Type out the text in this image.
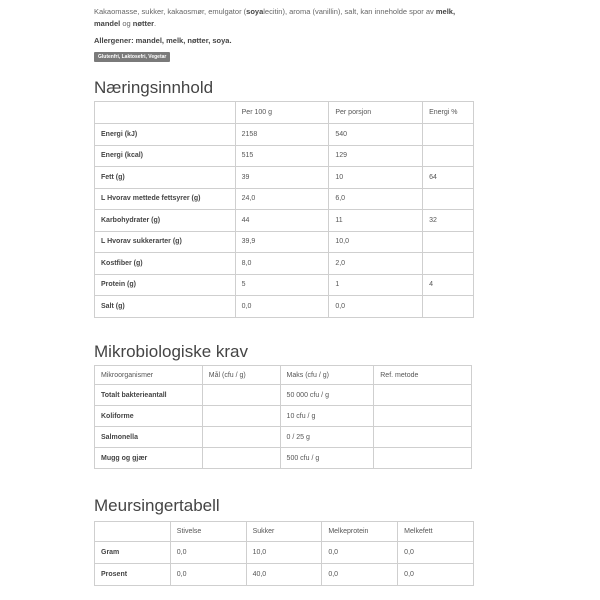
Kakaomasse, sukker, kakaosmør, emulgator (soyalecitin), aroma (vanillin), salt, kan inneholde spor av melk, mandel og nøtter.
Allergener: mandel, melk, nøtter, soya.
Glutenfri, Laktosefri, Vegetar
Næringsinnhold
	Per 100 g	Per porsjon	Energi %
Energi (kJ)	2158	540	
Energi (kcal)	515	129	
Fett (g)	39	10	64
L Hvorav mettede fettsyrer (g)	24,0	6,0	
Karbohydrater (g)	44	11	32
L Hvorav sukkerarter (g)	39,9	10,0	
Kostfiber (g)	8,0	2,0	
Protein (g)	5	1	4
Salt (g)	0,0	0,0	
Mikrobiologiske krav
Mikroorganismer	Mål (cfu / g)	Maks (cfu / g)	Ref. metode
Totalt bakterieantall		50 000 cfu / g	
Koliforme		10 cfu / g	
Salmonella		0 / 25 g	
Mugg og gjær		500 cfu / g	
Meursingertabell
	Stivelse	Sukker	Melkeprotein	Melkefett
Gram	0,0	10,0	0,0	0,0
Prosent	0,0	40,0	0,0	0,0
